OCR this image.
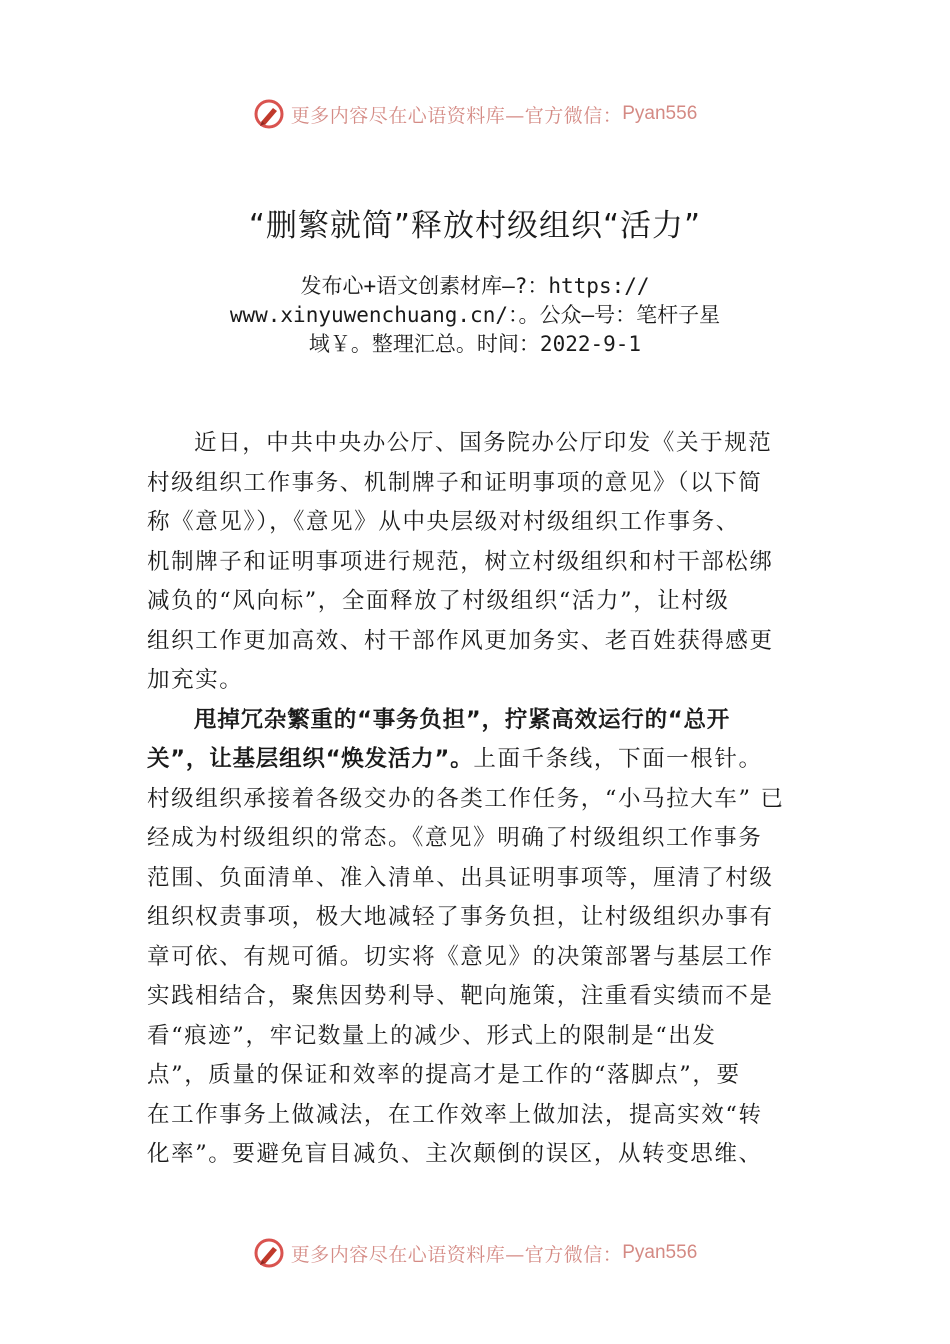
更多内容尽在心语资料库—官方微信： Pyan556
“删繁就简”释放村级组织“活力”
发布心+语文创素材库—?：https://
www.xinyuwenchuang.cn/：。公众—号：笔杆子星
域￥。整理汇总。时间：2022-9-1
近日，中共中央办公厅、国务院办公厅印发《关于规范
村级组织工作事务、机制牌子和证明事项的意见》（以下简
称《意见》），《意见》从中央层级对村级组织工作事务、
机制牌子和证明事项进行规范，树立村级组织和村干部松绑
减负的“风向标”，全面释放了村级组织“活力”，让村级
组织工作更加高效、村干部作风更加务实、老百姓获得感更
加充实。
甩掉冗杂繁重的“事务负担”，拧紧高效运行的“总开
关”，让基层组织“焕发活力”。上面千条线，下面一根针。
村级组织承接着各级交办的各类工作任务，“小马拉大车” 已
经成为村级组织的常态。《意见》明确了村级组织工作事务
范围、负面清单、准入清单、出具证明事项等，厘清了村级
组织权责事项，极大地减轻了事务负担，让村级组织办事有
章可依、有规可循。切实将《意见》的决策部署与基层工作
实践相结合，聚焦因势利导、靶向施策，注重看实绩而不是
看“痕迹”，牢记数量上的减少、形式上的限制是“出发
点”，质量的保证和效率的提高才是工作的“落脚点”，要
在工作事务上做减法，在工作效率上做加法，提高实效“转
化率”。要避免盲目减负、主次颠倒的误区，从转变思维、
更多内容尽在心语资料库—官方微信： Pyan556
